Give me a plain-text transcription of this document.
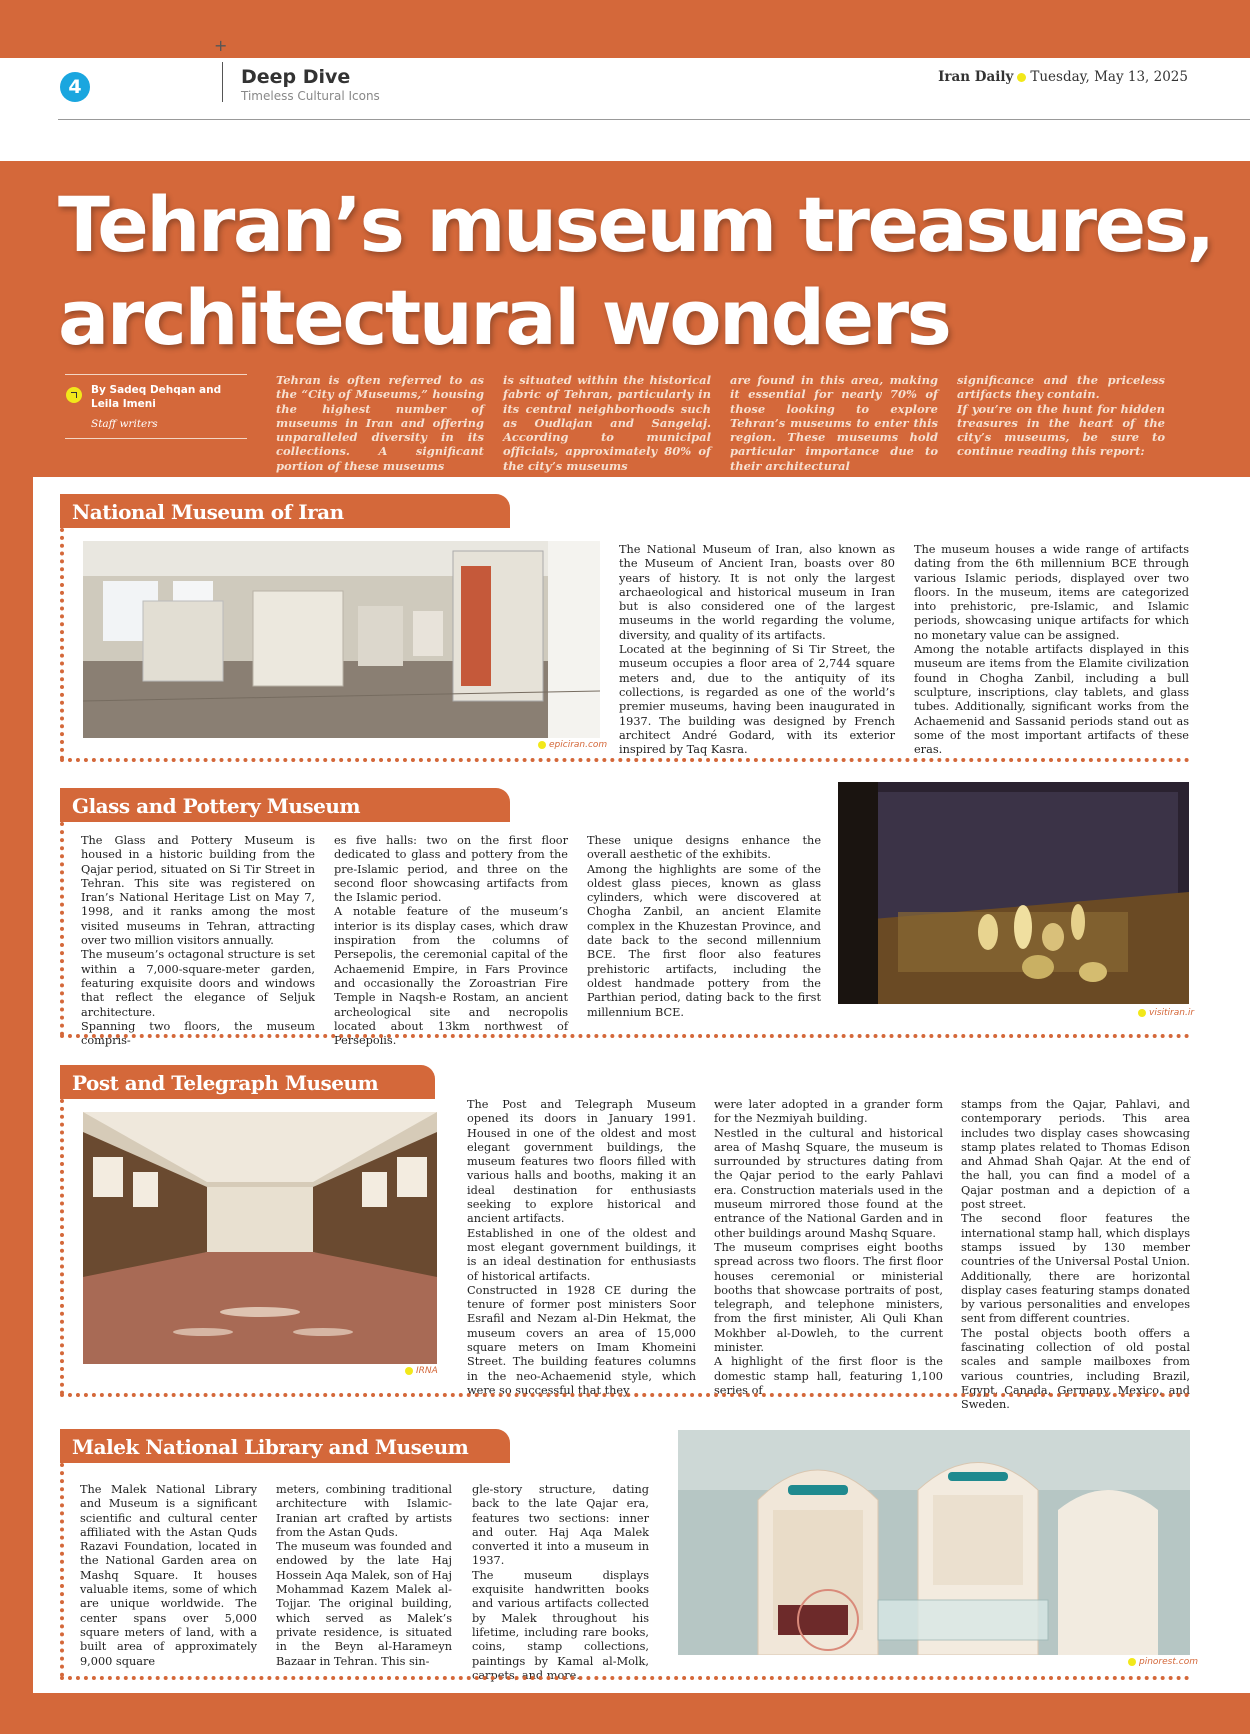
+
4	Deep Dive
Timeless Cultural Icons
Iran Daily Tuesday, May 13, 2025
Tehran’s museum treasures, architectural wonders
By Sadeq Dehqan and Leila Imeni
Staff writers
Tehran is often referred to as the “City of Museums,” housing the highest number of museums in Iran and offering unparalleled diversity in its collections. A significant portion of these museums
is situated within the historical fabric of Tehran, particularly in its central neighborhoods such as Oudlajan and Sangelaj. According to municipal officials, approximately 80% of the city’s museums
are found in this area, making it essential for nearly 70% of those looking to explore Tehran’s museums to enter this region. These museums hold particular importance due to their architectural
significance and the priceless artifacts they contain.
If you’re on the hunt for hidden treasures in the heart of the city’s museums, be sure to continue reading this report:
National Museum of Iran
epiciran.com

The National Museum of Iran, also known as the Museum of Ancient Iran, boasts over 80 years of history. It is not only the largest archaeological and historical museum in Iran but is also considered one of the largest museums in the world regarding the volume, diversity, and quality of its artifacts.

Located at the beginning of Si Tir Street, the museum occupies a floor area of 2,744 square meters and, due to the antiquity of its collections, is regarded as one of the world’s premier museums, having been inaugurated in 1937. The building was designed by French architect André Godard, with its exterior inspired by Taq Kasra.

The museum houses a wide range of artifacts dating from the 6th millennium BCE through various Islamic periods, displayed over two floors. In the museum, items are categorized into prehistoric, pre-Islamic, and Islamic periods, showcasing unique artifacts for which no monetary value can be assigned.

Among the notable artifacts displayed in this museum are items from the Elamite civilization found in Chogha Zanbil, including a bull sculpture, inscriptions, clay tablets, and glass tubes. Additionally, significant works from the Achaemenid and Sassanid periods stand out as some of the most important artifacts of these eras.

Glass and Pottery Museum

The Glass and Pottery Museum is housed in a historic building from the Qajar period, situated on Si Tir Street in Tehran. This site was registered on Iran’s National Heritage List on May 7, 1998, and it ranks among the most visited museums in Tehran, attracting over two million visitors annually.

The museum’s octagonal structure is set within a 7,000-square-meter garden, featuring exquisite doors and windows that reflect the elegance of Seljuk architecture.

Spanning two floors, the museum compris-

es five halls: two on the first floor dedicated to glass and pottery from the pre-Islamic period, and three on the second floor showcasing artifacts from the Islamic period.

A notable feature of the museum’s interior is its display cases, which draw inspiration from the columns of Persepolis, the ceremonial capital of the Achaemenid Empire, in Fars Province and occasionally the Zoroastrian Fire Temple in Naqsh-e Rostam, an ancient archeological site and necropolis located about 13km northwest of Persepolis.

These unique designs enhance the overall aesthetic of the exhibits.

Among the highlights are some of the oldest glass pieces, known as glass cylinders, which were discovered at Chogha Zanbil, an ancient Elamite complex in the Khuzestan Province, and date back to the second millennium BCE. The first floor also features prehistoric artifacts, including the oldest handmade pottery from the Parthian period, dating back to the first millennium BCE.	visitiran.ir
Post and Telegraph Museum
IRNA

The Post and Telegraph Museum opened its doors in January 1991. Housed in one of the oldest and most elegant government buildings, the museum features two floors filled with various halls and booths, making it an ideal destination for enthusiasts seeking to explore historical and ancient artifacts.

Established in one of the oldest and most elegant government buildings, it is an ideal destination for enthusiasts of historical artifacts.

Constructed in 1928 CE during the tenure of former post ministers Soor Esrafil and Nezam al-Din Hekmat, the museum covers an area of 15,000 square meters on Imam Khomeini Street. The building features columns in the neo-Achaemenid style, which were so successful that they

were later adopted in a grander form for the Nezmiyah building.

Nestled in the cultural and historical area of Mashq Square, the museum is surrounded by structures dating from the Qajar period to the early Pahlavi era. Construction materials used in the museum mirrored those found at the entrance of the National Garden and in other buildings around Mashq Square.

The museum comprises eight booths spread across two floors. The first floor houses ceremonial or ministerial booths that showcase portraits of post, telegraph, and telephone ministers, from the first minister, Ali Quli Khan Mokhber al-Dowleh, to the current minister.

A highlight of the first floor is the domestic stamp hall, featuring 1,100 series of

stamps from the Qajar, Pahlavi, and contemporary periods. This area includes two display cases showcasing stamp plates related to Thomas Edison and Ahmad Shah Qajar. At the end of the hall, you can find a model of a Qajar postman and a depiction of a post street.

The second floor features the international stamp hall, which displays stamps issued by 130 member countries of the Universal Postal Union. Additionally, there are horizontal display cases featuring stamps donated by various personalities and envelopes sent from different countries.

The postal objects booth offers a fascinating collection of old postal scales and sample mailboxes from various countries, including Brazil, Egypt, Canada, Germany, Mexico, and Sweden.

Malek National Library and Museum

The Malek National Library and Museum is a significant scientific and cultural center affiliated with the Astan Quds Razavi Foundation, located in the National Garden area on Mashq Square. It houses valuable items, some of which are unique worldwide. The center spans over 5,000 square meters of land, with a built area of approximately 9,000 square

meters, combining traditional architecture with Islamic-Iranian art crafted by artists from the Astan Quds.

The museum was founded and endowed by the late Haj Hossein Aqa Malek, son of Haj Mohammad Kazem Malek al-Tojjar. The original building, which served as Malek’s private residence, is situated in the Beyn al-Harameyn Bazaar in Tehran. This sin-

gle-story structure, dating back to the late Qajar era, features two sections: inner and outer. Haj Aqa Malek converted it into a museum in 1937.

The museum displays exquisite handwritten books and various artifacts collected by Malek throughout his lifetime, including rare books, coins, stamp collections, paintings by Kamal al-Molk, carpets, and more.

pinorest.com
